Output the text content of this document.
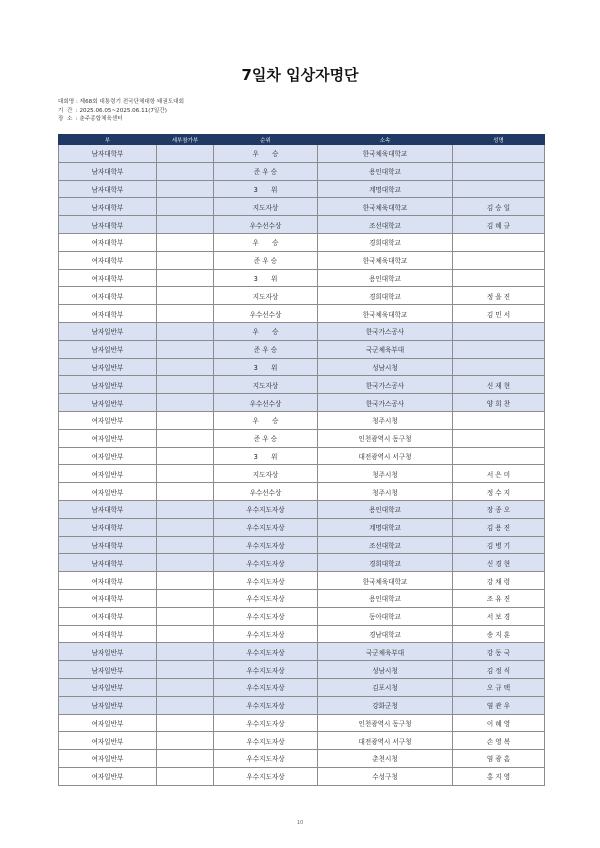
7일차 입상자명단
대회명 : 제68회 대통령기 전국단체대항 태권도대회
기  간 : 2025.06.05~2025.06.11(7일간)
장  소 : 춘주종합체육센터
부	세부참가부	순위	소속	성명
남자대학부		우　　승	한국체육대학교	
남자대학부		준 우 승	용인대학교	
남자대학부		3　　위	계명대학교	
남자대학부		지도자상	한국체육대학교	김 승 일
남자대학부		우수선수상	조선대학교	김 혜 규
여자대학부		우　　승	경희대학교	
여자대학부		준 우 승	한국체육대학교	
여자대학부		3　　위	용인대학교	
여자대학부		지도자상	경희대학교	정 을 진
여자대학부		우수선수상	한국체육대학교	김 민 서
남자일반부		우　　승	한국가스공사	
남자일반부		준 우 승	국군체육부대	
남자일반부		3　　위	성남시청	
남자일반부		지도자상	한국가스공사	신 재 현
남자일반부		우수선수상	한국가스공사	양 희 찬
여자일반부		우　　승	청주시청	
여자일반부		준 우 승	인천광역시 동구청	
여자일반부		3　　위	대전광역시 서구청	
여자일반부		지도자상	청주시청	서 은 미
여자일반부		우수선수상	청주시청	정 수 지
남자대학부		우수지도자상	용인대학교	장 종 오
남자대학부		우수지도자상	계명대학교	김 용 진
남자대학부		우수지도자상	조선대학교	김 병 기
남자대학부		우수지도자상	경희대학교	신 경 현
여자대학부		우수지도자상	한국체육대학교	강 채 령
여자대학부		우수지도자상	용인대학교	조 유 진
여자대학부		우수지도자상	동아대학교	서 보 경
여자대학부		우수지도자상	경남대학교	송 지 훈
남자일반부		우수지도자상	국군체육부대	강 동 국
남자일반부		우수지도자상	성남시청	김 정 식
남자일반부		우수지도자상	김포시청	오 규 택
남자일반부		우수지도자상	강화군청	염 관 우
여자일반부		우수지도자상	인천광역시 동구청	이 혜 영
여자일반부		우수지도자상	대전광역시 서구청	손 영 복
여자일반부		우수지도자상	춘천시청	염 광 흠
여자일반부		우수지도자상	수성구청	홍 지 영
10
